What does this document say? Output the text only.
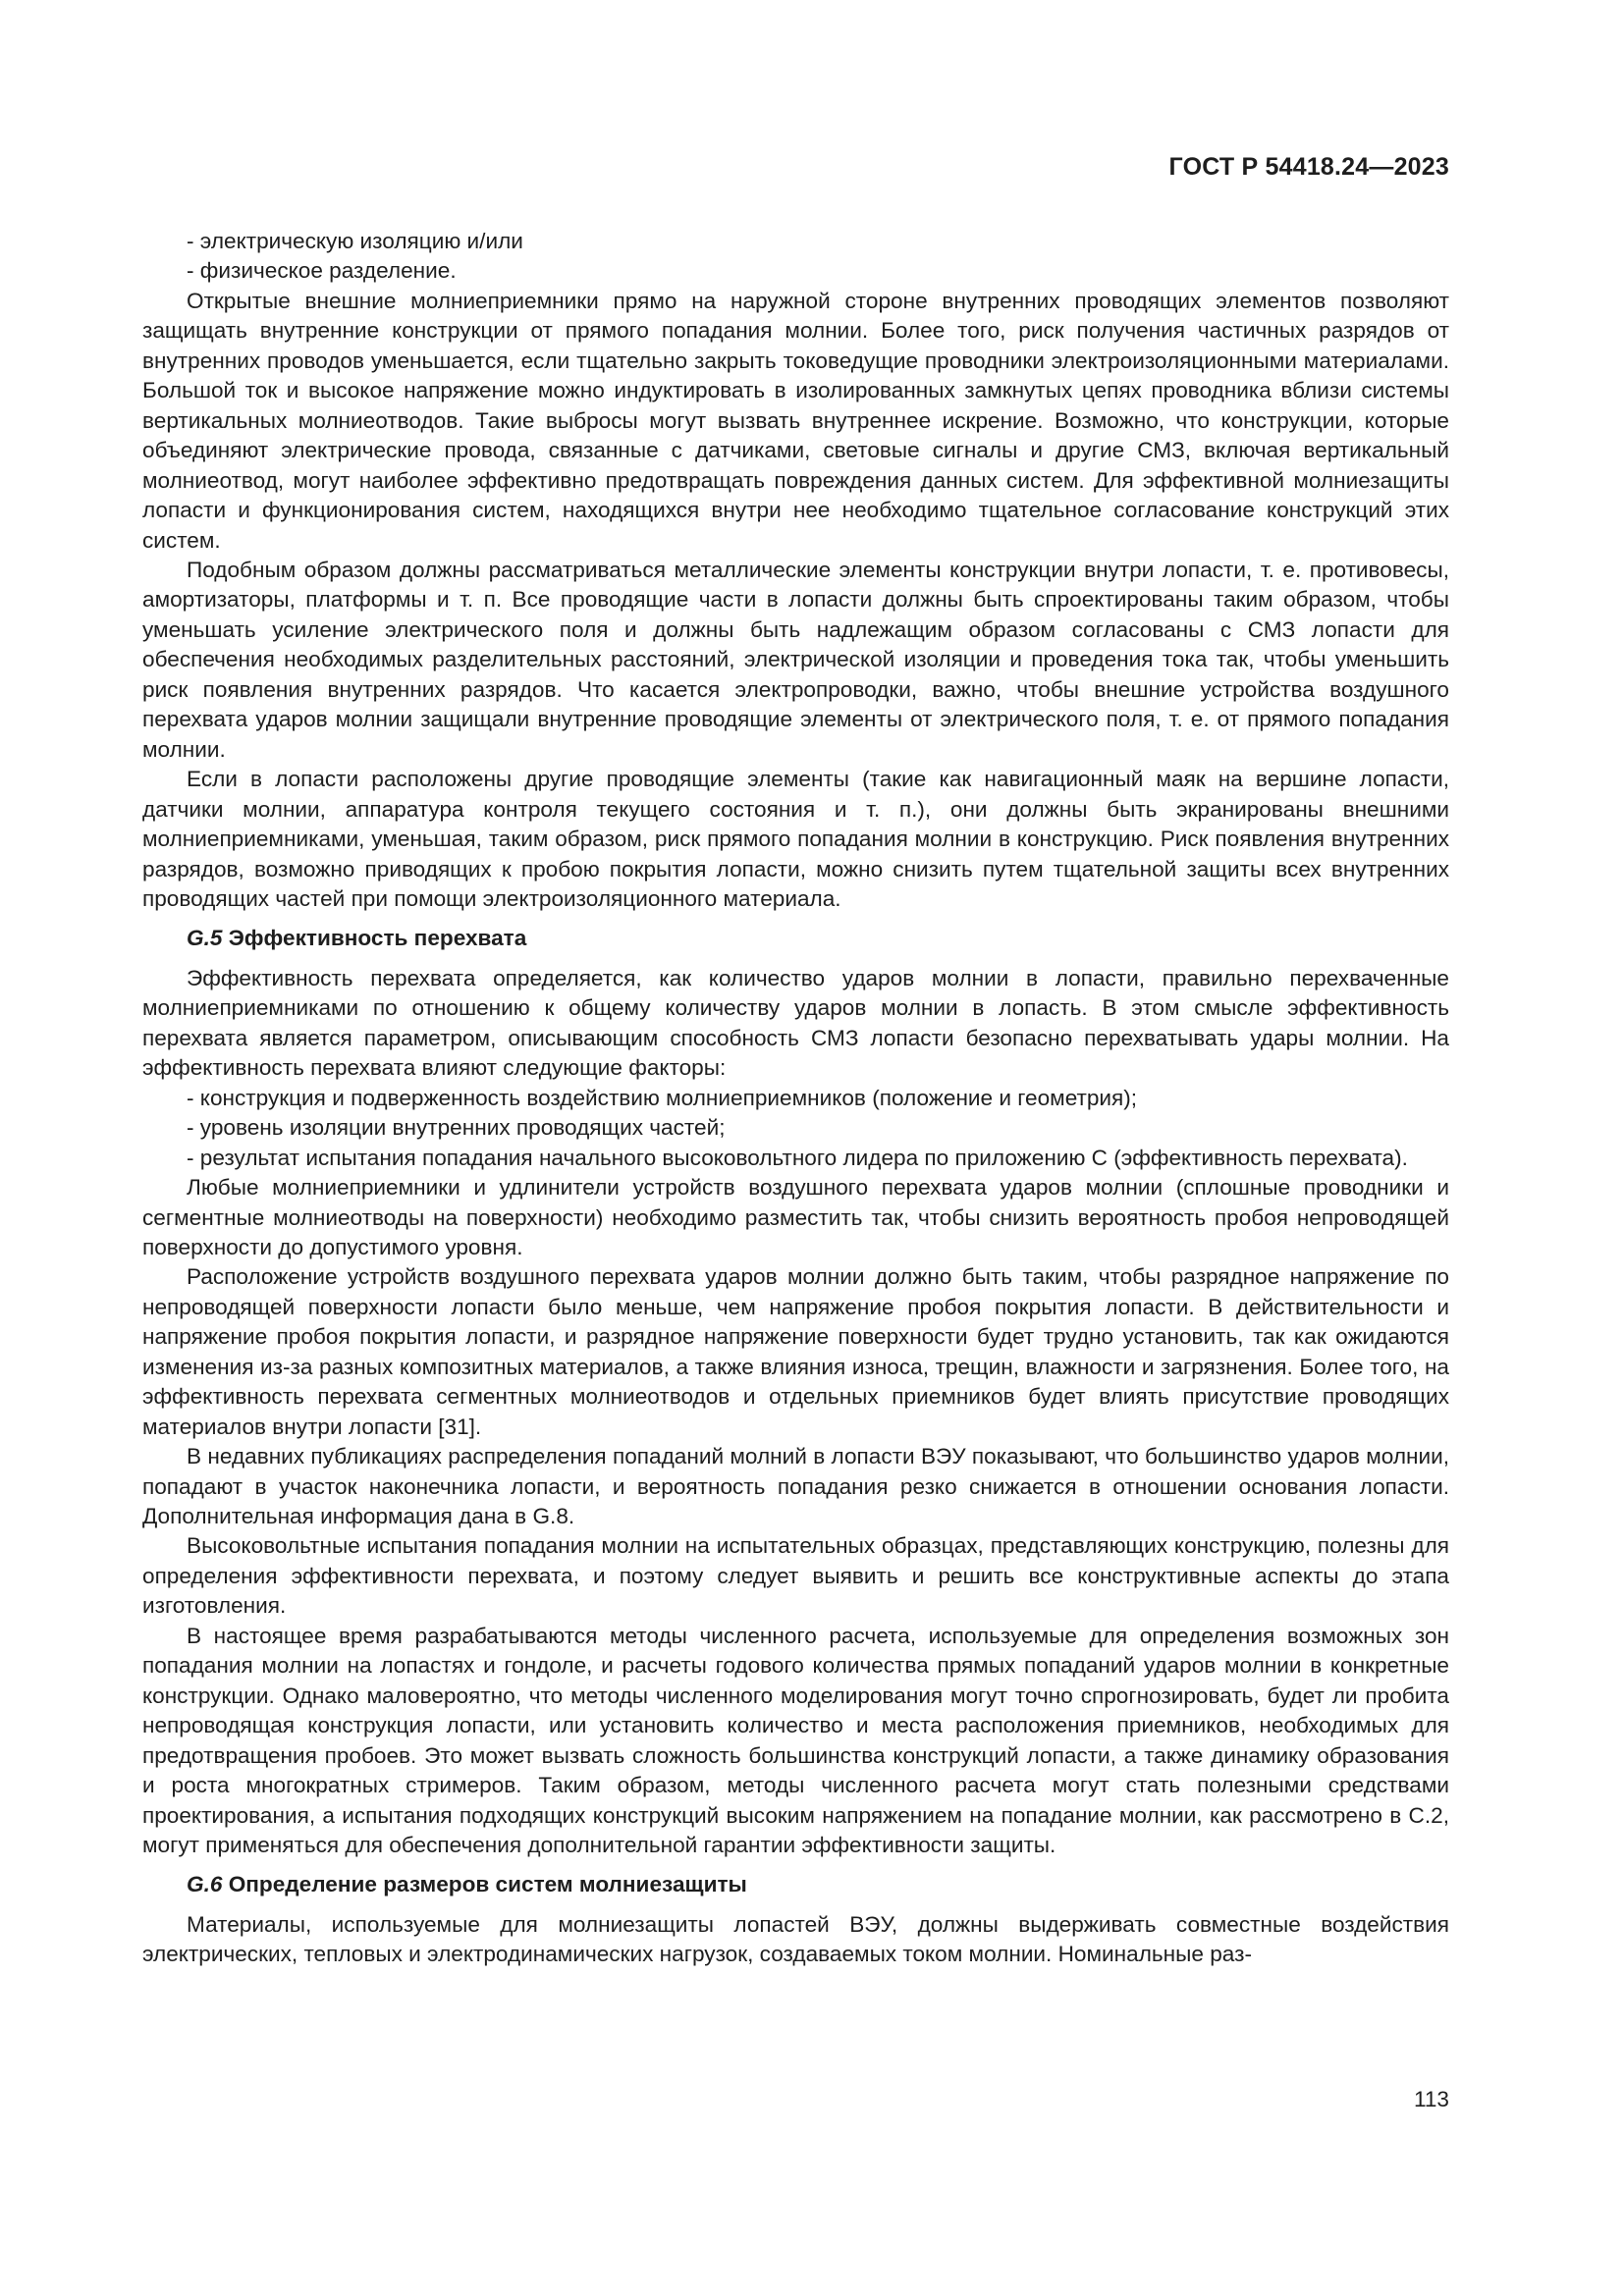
ГОСТ Р 54418.24—2023

- электрическую изоляцию и/или

- физическое разделение.

Открытые внешние молниеприемники прямо на наружной стороне внутренних проводящих элементов позволяют защищать внутренние конструкции от прямого попадания молнии. Более того, риск получения частичных разрядов от внутренних проводов уменьшается, если тщательно закрыть токоведущие проводники электроизоляционными материалами. Большой ток и высокое напряжение можно индуктировать в изолированных замкнутых цепях проводника вблизи системы вертикальных молниеотводов. Такие выбросы могут вызвать внутреннее искрение. Возможно, что конструкции, которые объединяют электрические провода, связанные с датчиками, световые сигналы и другие СМЗ, включая вертикальный молниеотвод, могут наиболее эффективно предотвращать повреждения данных систем. Для эффективной молниезащиты лопасти и функционирования систем, находящихся внутри нее необходимо тщательное согласование конструкций этих систем.

Подобным образом должны рассматриваться металлические элементы конструкции внутри лопасти, т. е. противовесы, амортизаторы, платформы и т. п. Все проводящие части в лопасти должны быть спроектированы таким образом, чтобы уменьшать усиление электрического поля и должны быть надлежащим образом согласованы с СМЗ лопасти для обеспечения необходимых разделительных расстояний, электрической изоляции и проведения тока так, чтобы уменьшить риск появления внутренних разрядов. Что касается электропроводки, важно, чтобы внешние устройства воздушного перехвата ударов молнии защищали внутренние проводящие элементы от электрического поля, т. е. от прямого попадания молнии.

Если в лопасти расположены другие проводящие элементы (такие как навигационный маяк на вершине лопасти, датчики молнии, аппаратура контроля текущего состояния и т. п.), они должны быть экранированы внешними молниеприемниками, уменьшая, таким образом, риск прямого попадания молнии в конструкцию. Риск появления внутренних разрядов, возможно приводящих к пробою покрытия лопасти, можно снизить путем тщательной защиты всех внутренних проводящих частей при помощи электроизоляционного материала.

G.5 Эффективность перехвата

Эффективность перехвата определяется, как количество ударов молнии в лопасти, правильно перехваченные молниеприемниками по отношению к общему количеству ударов молнии в лопасть. В этом смысле эффективность перехвата является параметром, описывающим способность СМЗ лопасти безопасно перехватывать удары молнии. На эффективность перехвата влияют следующие факторы:

- конструкция и подверженность воздействию молниеприемников (положение и геометрия);

- уровень изоляции внутренних проводящих частей;

- результат испытания попадания начального высоковольтного лидера по приложению C (эффективность перехвата).

Любые молниеприемники и удлинители устройств воздушного перехвата ударов молнии (сплошные проводники и сегментные молниеотводы на поверхности) необходимо разместить так, чтобы снизить вероятность пробоя непроводящей поверхности до допустимого уровня.

Расположение устройств воздушного перехвата ударов молнии должно быть таким, чтобы разрядное напряжение по непроводящей поверхности лопасти было меньше, чем напряжение пробоя покрытия лопасти. В действительности и напряжение пробоя покрытия лопасти, и разрядное напряжение поверхности будет трудно установить, так как ожидаются изменения из-за разных композитных материалов, а также влияния износа, трещин, влажности и загрязнения. Более того, на эффективность перехвата сегментных молниеотводов и отдельных приемников будет влиять присутствие проводящих материалов внутри лопасти [31].

В недавних публикациях распределения попаданий молний в лопасти ВЭУ показывают, что большинство ударов молнии, попадают в участок наконечника лопасти, и вероятность попадания резко снижается в отношении основания лопасти. Дополнительная информация дана в G.8.

Высоковольтные испытания попадания молнии на испытательных образцах, представляющих конструкцию, полезны для определения эффективности перехвата, и поэтому следует выявить и решить все конструктивные аспекты до этапа изготовления.

В настоящее время разрабатываются методы численного расчета, используемые для определения возможных зон попадания молнии на лопастях и гондоле, и расчеты годового количества прямых попаданий ударов молнии в конкретные конструкции. Однако маловероятно, что методы численного моделирования могут точно спрогнозировать, будет ли пробита непроводящая конструкция лопасти, или установить количество и места расположения приемников, необходимых для предотвращения пробоев. Это может вызвать сложность большинства конструкций лопасти, а также динамику образования и роста многократных стримеров. Таким образом, методы численного расчета могут стать полезными средствами проектирования, а испытания подходящих конструкций высоким напряжением на попадание молнии, как рассмотрено в C.2, могут применяться для обеспечения дополнительной гарантии эффективности защиты.

G.6 Определение размеров систем молниезащиты

Материалы, используемые для молниезащиты лопастей ВЭУ, должны выдерживать совместные воздействия электрических, тепловых и электродинамических нагрузок, создаваемых током молнии. Номинальные раз-

113
